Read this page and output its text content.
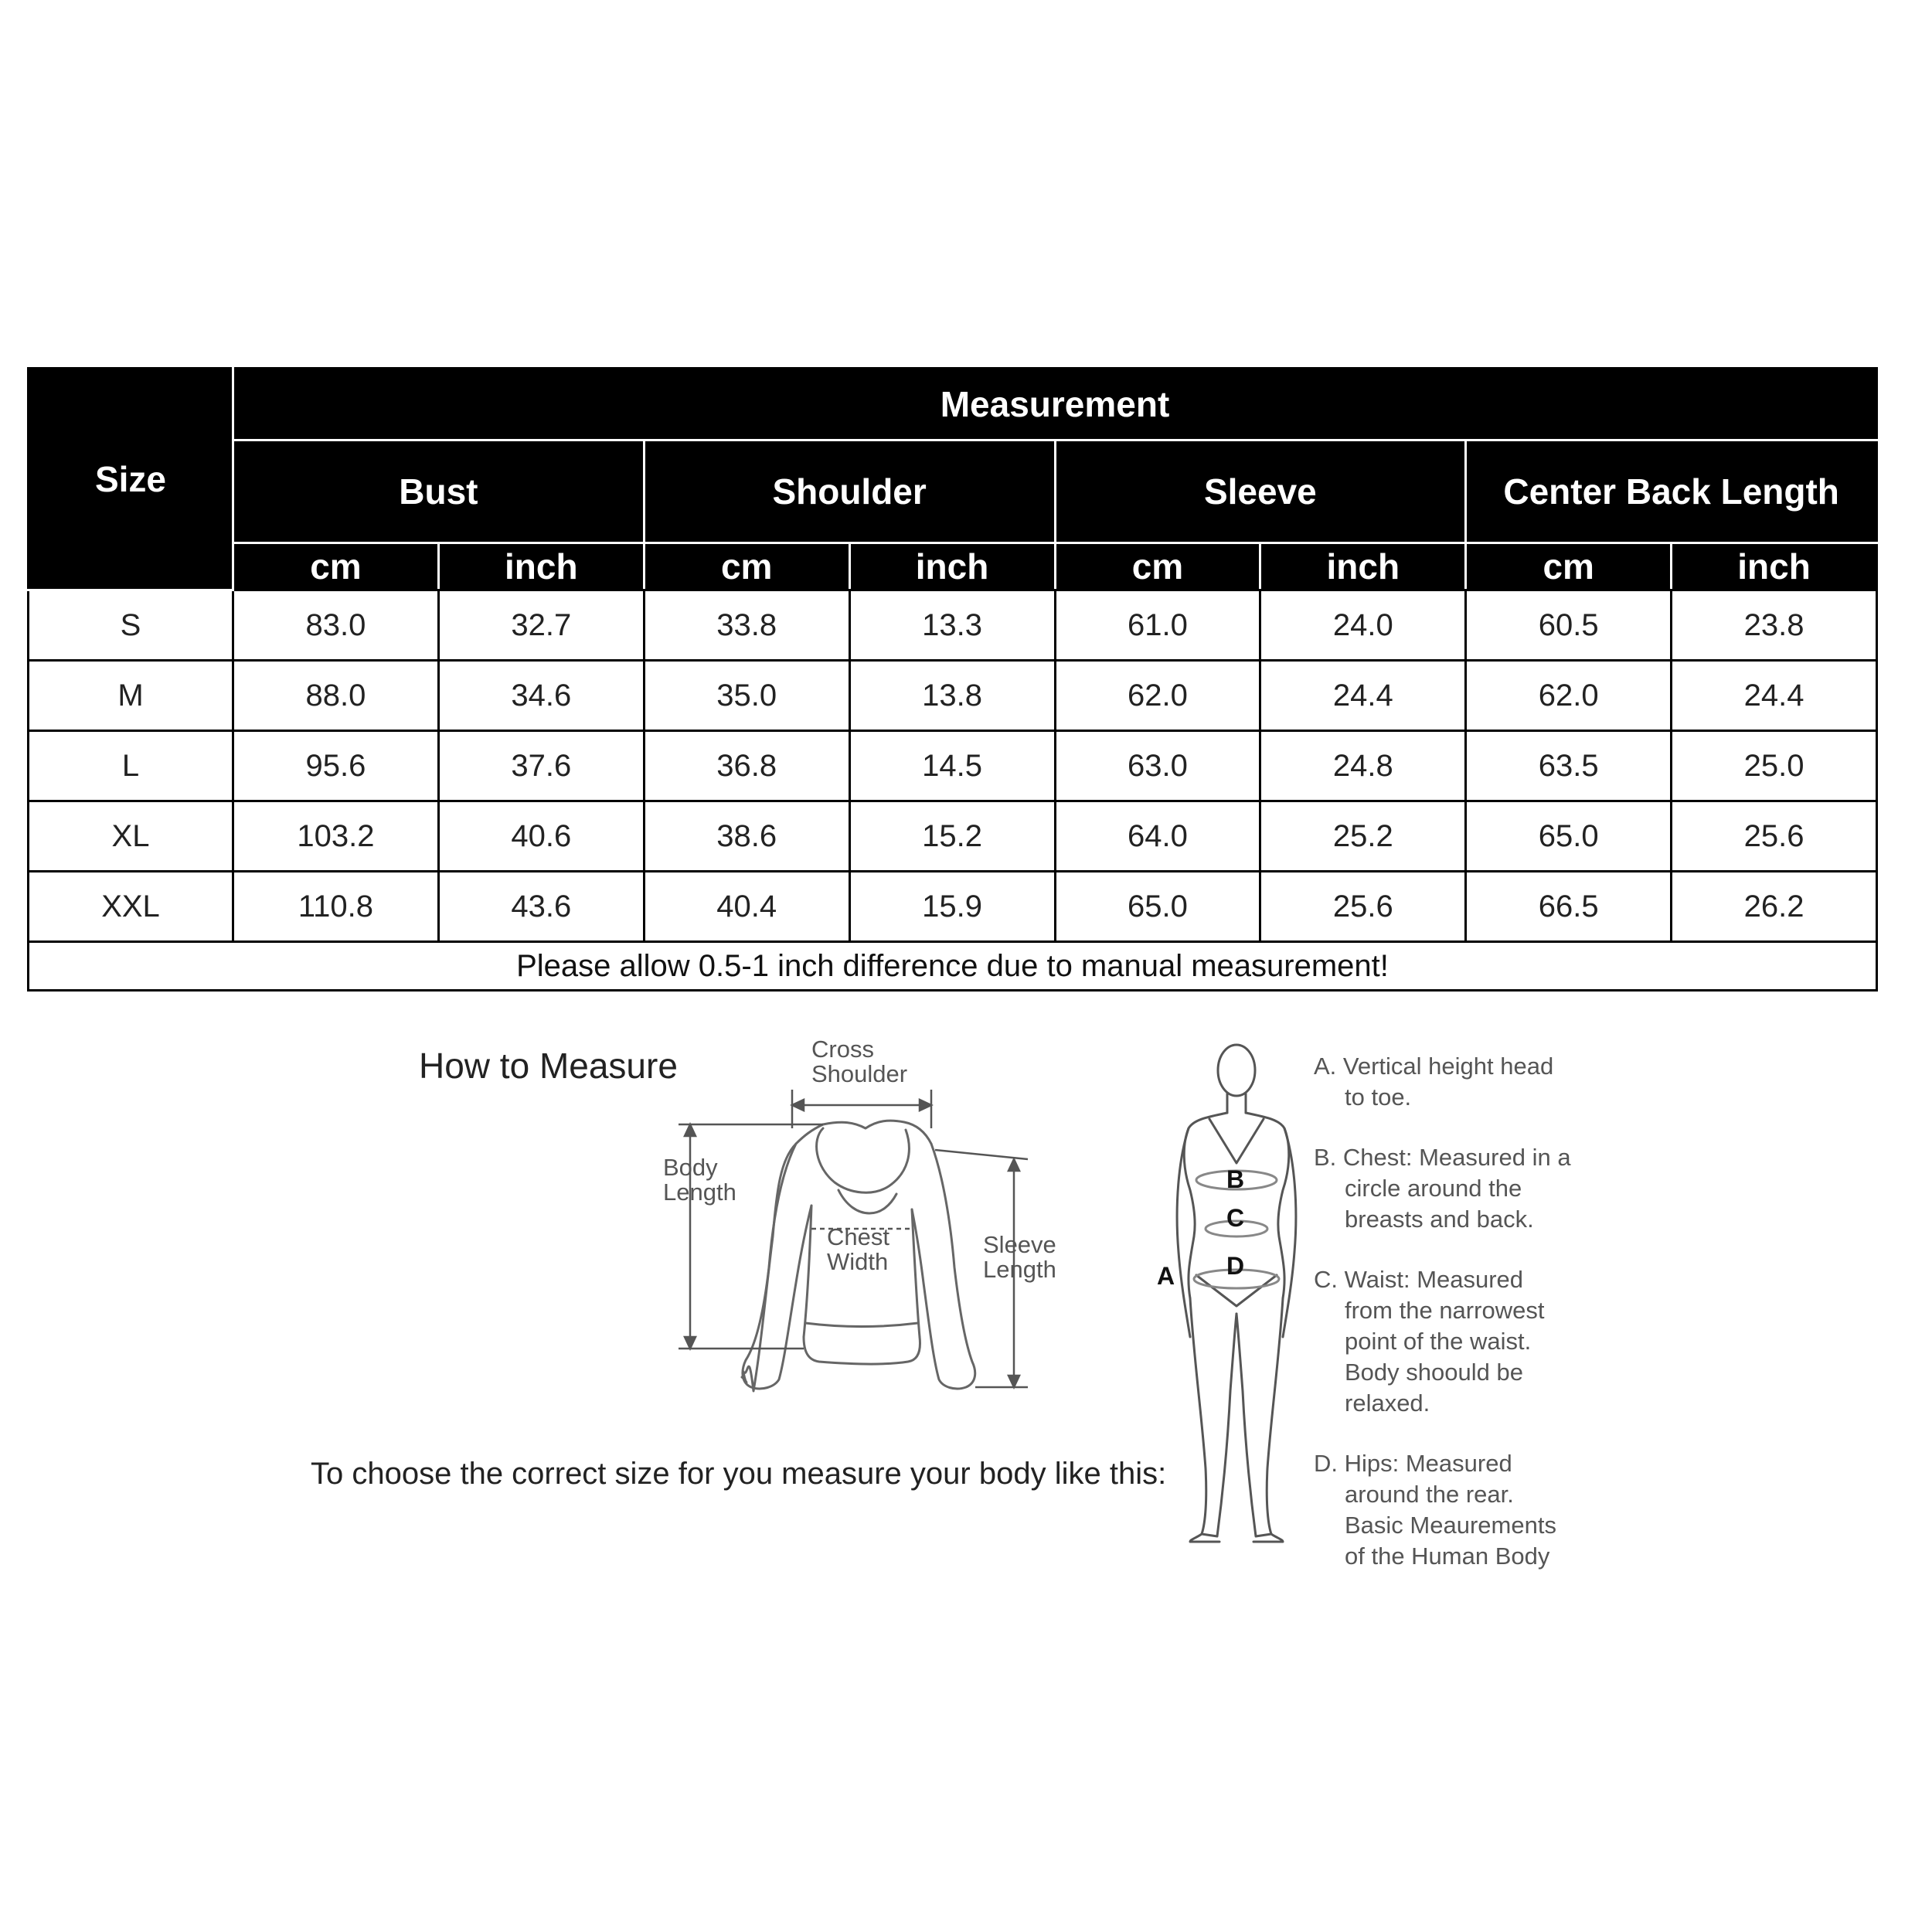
Size	Measurement							
	Bust		Shoulder		Sleeve		Center Back Length	
	cm	inch	cm	inch	cm	inch	cm	inch
S	83.0	32.7	33.8	13.3	61.0	24.0	60.5	23.8
M	88.0	34.6	35.0	13.8	62.0	24.4	62.0	24.4
L	95.6	37.6	36.8	14.5	63.0	24.8	63.5	25.0
XL	103.2	40.6	38.6	15.2	64.0	25.2	65.0	25.6
XXL	110.8	43.6	40.4	15.9	65.0	25.6	66.5	26.2
Please allow 0.5-1 inch difference due to manual measurement!								
How to Measure
To choose the correct size for you measure your body like this:
Cross
Shoulder
Body
Length
Chest
Width
Sleeve
Length	A
B
C
D
A. Vertical height head
to toe.
B. Chest: Measured in a
circle around the
breasts and back.
C. Waist: Measured
from the narrowest
point of the waist.
Body shoould be
relaxed.
D. Hips: Measured
around the rear.
Basic Meaurements
of the Human Body
